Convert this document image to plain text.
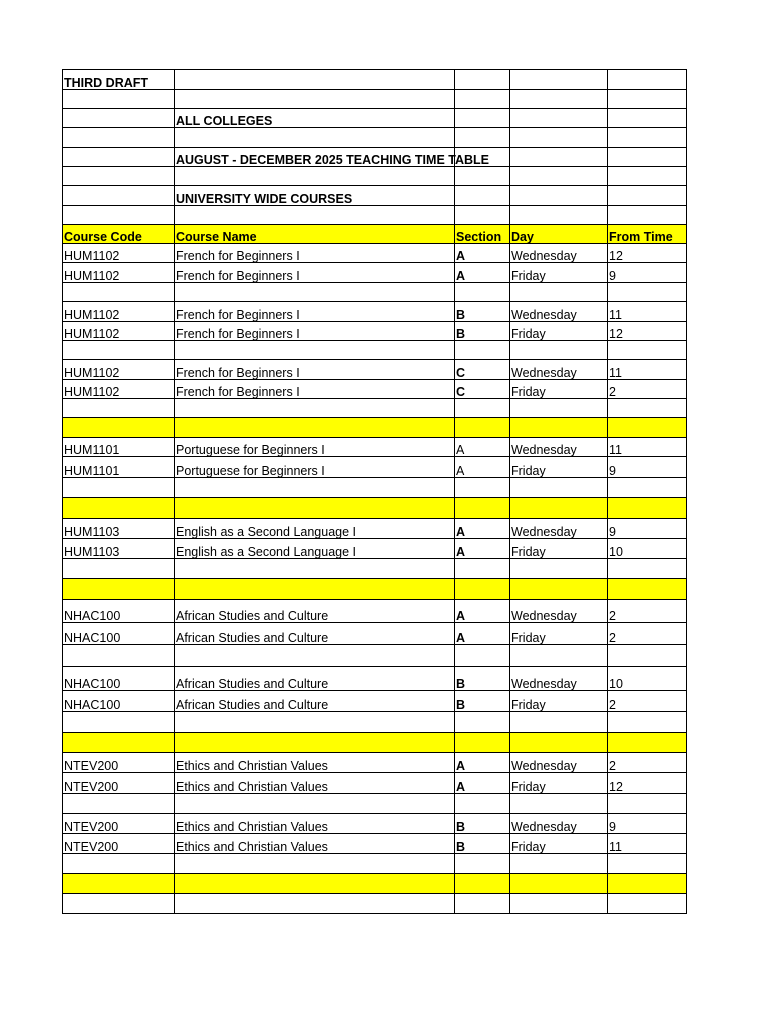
THIRD DRAFT				

	ALL COLLEGES			

	AUGUST - DECEMBER 2025 TEACHING TIME TABLE			

	UNIVERSITY WIDE COURSES			

Course Code	Course Name	Section	Day	From Time
HUM1102	French for Beginners I	A	Wednesday	12
HUM1102	French for Beginners I	A	Friday	9

HUM1102	French for Beginners I	B	Wednesday	11
HUM1102	French for Beginners I	B	Friday	12

HUM1102	French for Beginners I	C	Wednesday	11
HUM1102	French for Beginners I	C	Friday	2

HUM1101	Portuguese for Beginners I	A	Wednesday	11
HUM1101	Portuguese for Beginners I	A	Friday	9

HUM1103	English as a Second Language I	A	Wednesday	9
HUM1103	English as a Second Language I	A	Friday	10

NHAC100	African Studies and Culture	A	Wednesday	2
NHAC100	African Studies and Culture	A	Friday	2

NHAC100	African Studies and Culture	B	Wednesday	10
NHAC100	African Studies and Culture	B	Friday	2

NTEV200	Ethics and Christian Values	A	Wednesday	2
NTEV200	Ethics and Christian Values	A	Friday	12

NTEV200	Ethics and Christian Values	B	Wednesday	9
NTEV200	Ethics and Christian Values	B	Friday	11
